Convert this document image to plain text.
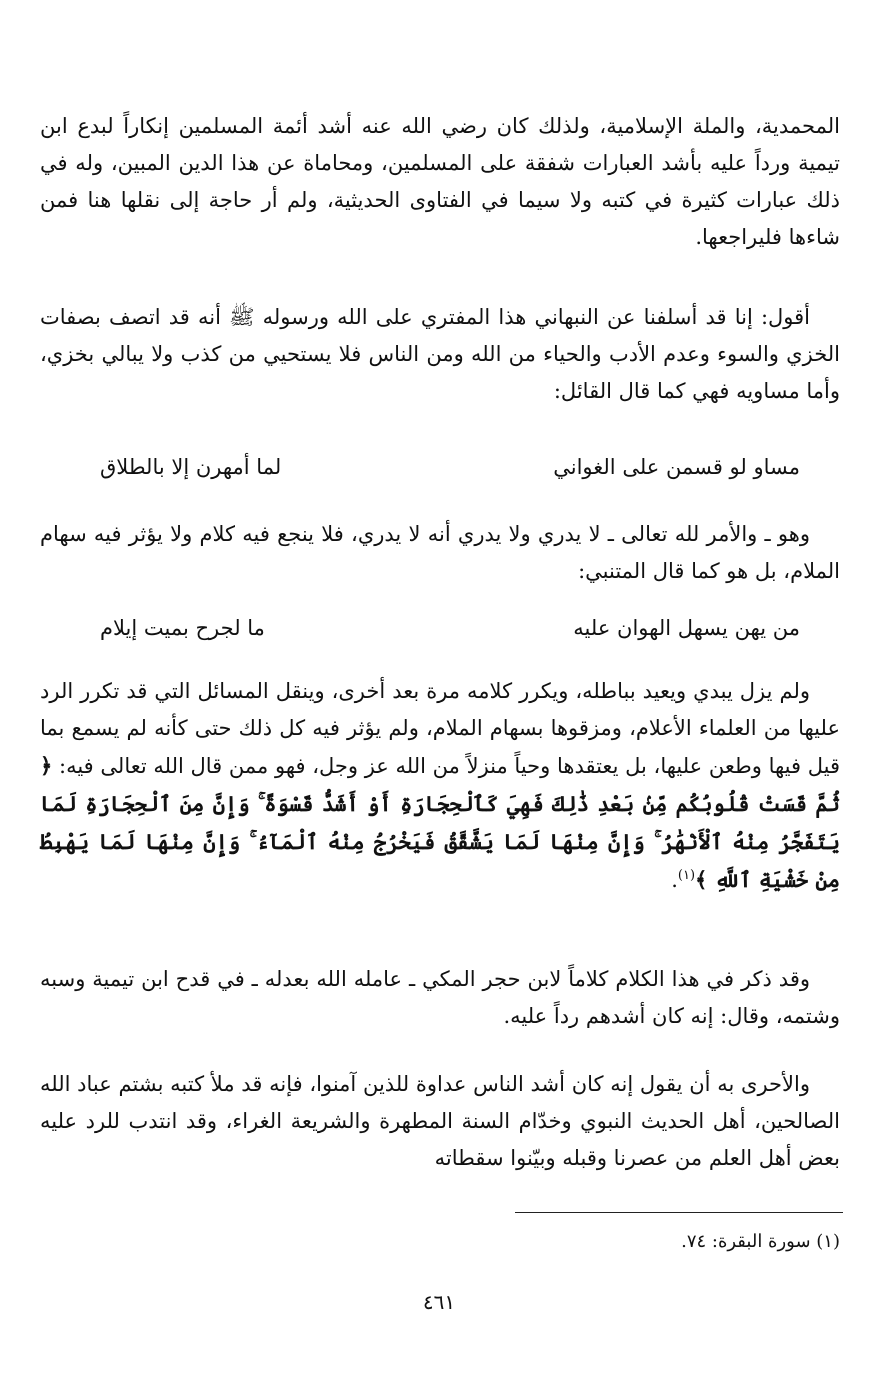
المحمدية، والملة الإسلامية، ولذلك كان رضي الله عنه أشد أئمة المسلمين إنكاراً لبدع ابن تيمية ورداً عليه بأشد العبارات شفقة على المسلمين، ومحاماة عن هذا الدين المبين، وله في ذلك عبارات كثيرة في كتبه ولا سيما في الفتاوى الحديثية، ولم أر حاجة إلى نقلها هنا فمن شاءها فليراجعها.

أقول: إنا قد أسلفنا عن النبهاني هذا المفتري على الله ورسوله ﷺ أنه قد اتصف بصفات الخزي والسوء وعدم الأدب والحياء من الله ومن الناس فلا يستحيي من كذب ولا يبالي بخزي، وأما مساويه فهي كما قال القائل:

مساو لو قسمن على الغواني
لما أمهرن إلا بالطلاق

وهو ـ والأمر لله تعالى ـ لا يدري ولا يدري أنه لا يدري، فلا ينجع فيه كلام ولا يؤثر فيه سهام الملام، بل هو كما قال المتنبي:

من يهن يسهل الهوان عليه
ما لجرح بميت إيلام

ولم يزل يبدي ويعيد بباطله، ويكرر كلامه مرة بعد أخرى، وينقل المسائل التي قد تكرر الرد عليها من العلماء الأعلام، ومزقوها بسهام الملام، ولم يؤثر فيه كل ذلك حتى كأنه لم يسمع بما قيل فيها وطعن عليها، بل يعتقدها وحياً منزلاً من الله عز وجل، فهو ممن قال الله تعالى فيه: ﴿ ثُمَّ قَسَتْ قُلُوبُكُم مِّنۢ بَعْدِ ذَٰلِكَ فَهِيَ كَٱلْحِجَارَةِ أَوْ أَشَدُّ قَسْوَةً ۚ وَإِنَّ مِنَ ٱلْحِجَارَةِ لَمَا يَتَفَجَّرُ مِنْهُ ٱلْأَنْهَٰرُ ۚ وَإِنَّ مِنْهَا لَمَا يَشَّقَّقُ فَيَخْرُجُ مِنْهُ ٱلْمَآءُ ۚ وَإِنَّ مِنْهَا لَمَا يَهْبِطُ مِنْ خَشْيَةِ ٱللَّهِ ﴾$^{(١)}$.

وقد ذكر في هذا الكلام كلاماً لابن حجر المكي ـ عامله الله بعدله ـ في قدح ابن تيمية وسبه وشتمه، وقال: إنه كان أشدهم رداً عليه.

والأحرى به أن يقول إنه كان أشد الناس عداوة للذين آمنوا، فإنه قد ملأ كتبه بشتم عباد الله الصالحين، أهل الحديث النبوي وخدّام السنة المطهرة والشريعة الغراء، وقد انتدب للرد عليه بعض أهل العلم من عصرنا وقبله وبيّنوا سقطاته

(١) سورة البقرة: ٧٤.
٤٦١
